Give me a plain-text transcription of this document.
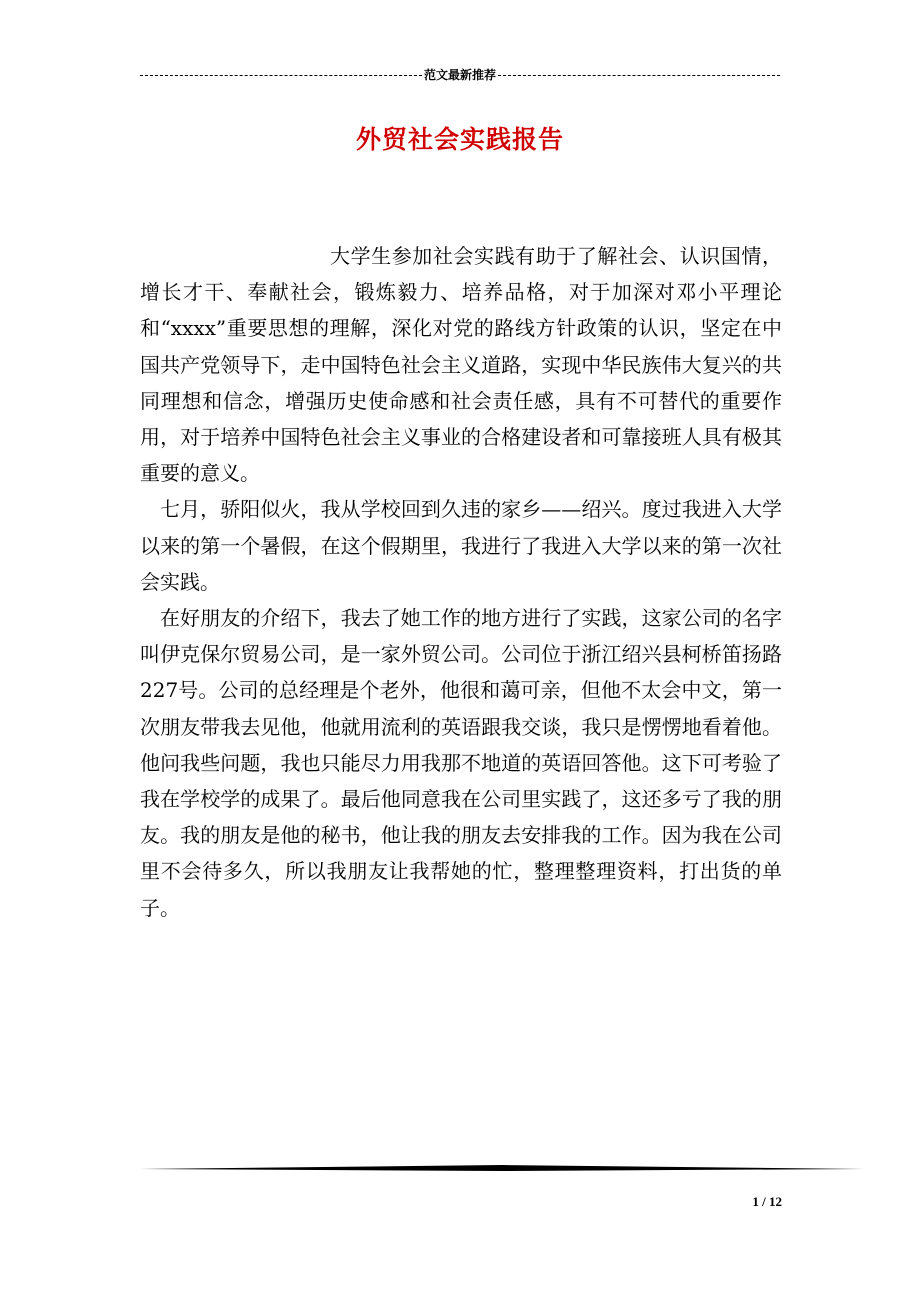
范文最新推荐
外贸社会实践报告

大学生参加社会实践有助于了解社会、认识国情，增长才干、奉献社会，锻炼毅力、培养品格，对于加深对邓小平理论和“xxxx”重要思想的理解，深化对党的路线方针政策的认识，坚定在中国共产党领导下，走中国特色社会主义道路，实现中华民族伟大复兴的共同理想和信念，增强历史使命感和社会责任感，具有不可替代的重要作用，对于培养中国特色社会主义事业的合格建设者和可靠接班人具有极其重要的意义。

七月，骄阳似火，我从学校回到久违的家乡——绍兴。度过我进入大学以来的第一个暑假，在这个假期里，我进行了我进入大学以来的第一次社会实践。

在好朋友的介绍下，我去了她工作的地方进行了实践，这家公司的名字叫伊克保尔贸易公司，是一家外贸公司。公司位于浙江绍兴县柯桥笛扬路227号。公司的总经理是个老外，他很和蔼可亲，但他不太会中文，第一次朋友带我去见他，他就用流利的英语跟我交谈，我只是愣愣地看着他。他问我些问题，我也只能尽力用我那不地道的英语回答他。这下可考验了我在学校学的成果了。最后他同意我在公司里实践了，这还多亏了我的朋友。我的朋友是他的秘书，他让我的朋友去安排我的工作。因为我在公司里不会待多久，所以我朋友让我帮她的忙，整理整理资料，打出货的单子。

1 / 12
